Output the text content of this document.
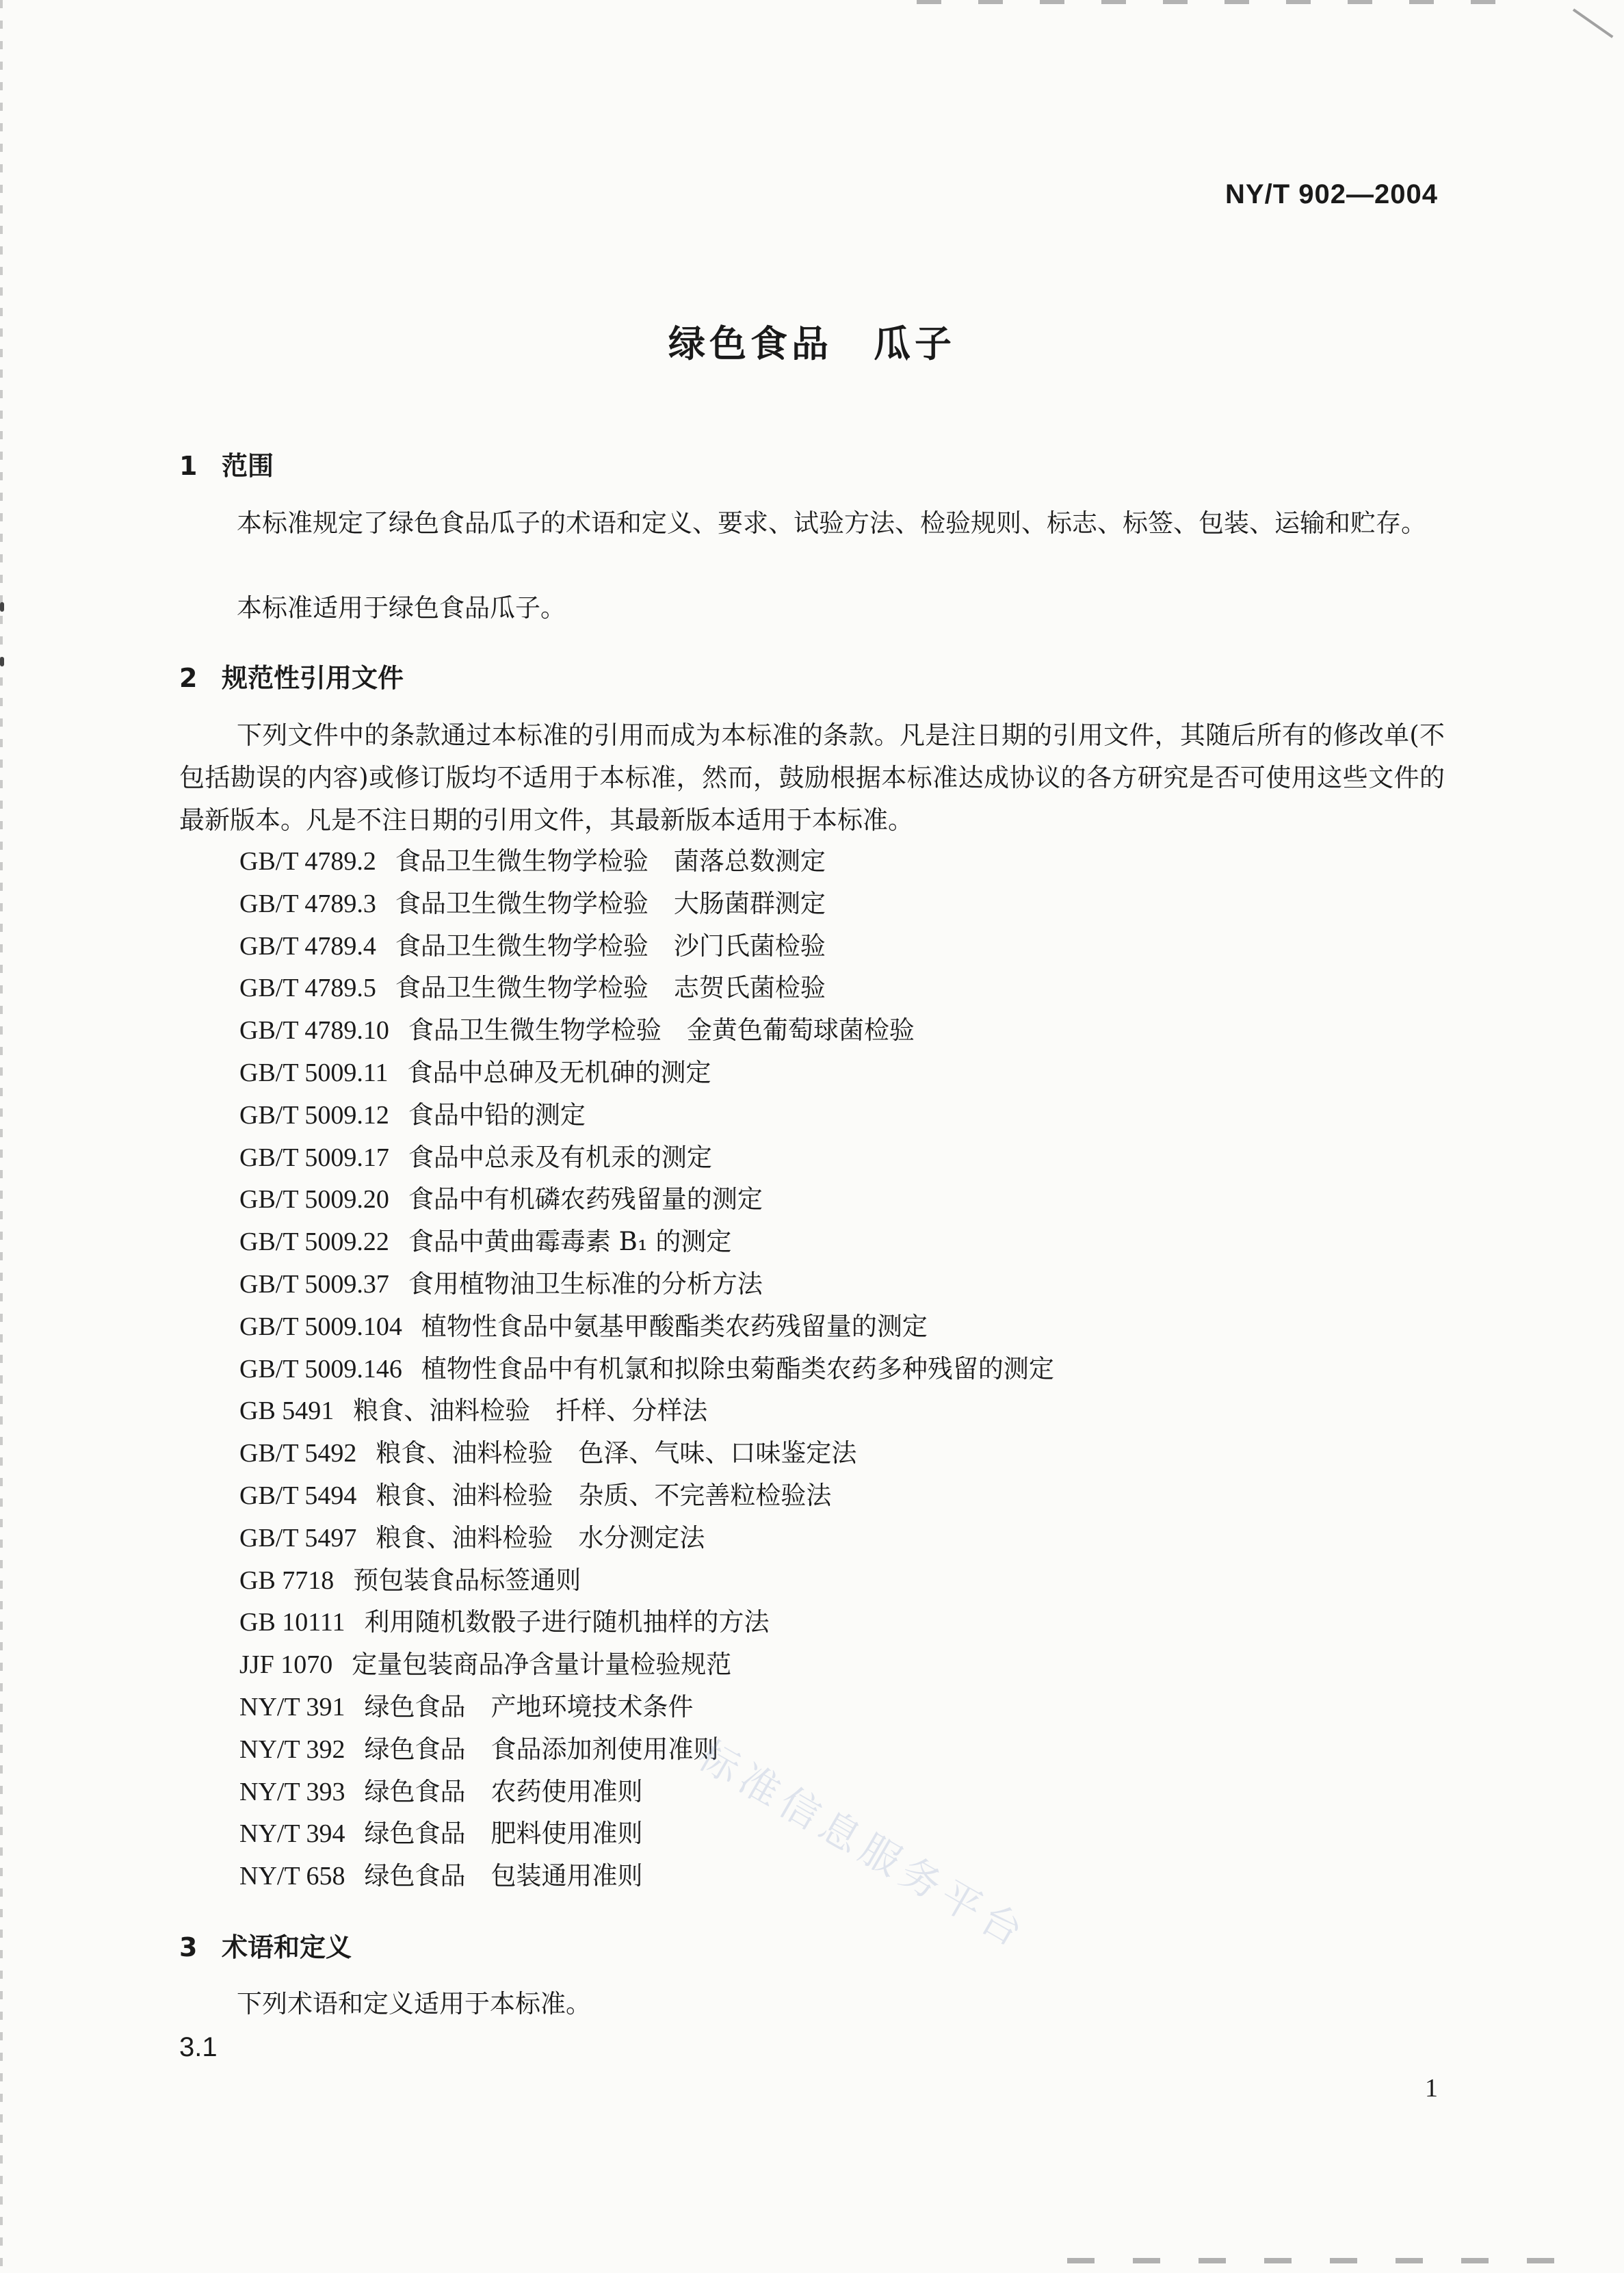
NY/T 902—2004
绿色食品　瓜子
1 范围
本标准规定了绿色食品瓜子的术语和定义、要求、试验方法、检验规则、标志、标签、包装、运输和贮存。
本标准适用于绿色食品瓜子。
2 规范性引用文件
下列文件中的条款通过本标准的引用而成为本标准的条款。凡是注日期的引用文件，其随后所有的修改单(不包括勘误的内容)或修订版均不适用于本标准，然而，鼓励根据本标准达成协议的各方研究是否可使用这些文件的最新版本。凡是不注日期的引用文件，其最新版本适用于本标准。
GB/T 4789.2 食品卫生微生物学检验　菌落总数测定
GB/T 4789.3 食品卫生微生物学检验　大肠菌群测定
GB/T 4789.4 食品卫生微生物学检验　沙门氏菌检验
GB/T 4789.5 食品卫生微生物学检验　志贺氏菌检验
GB/T 4789.10 食品卫生微生物学检验　金黄色葡萄球菌检验
GB/T 5009.11 食品中总砷及无机砷的测定
GB/T 5009.12 食品中铅的测定
GB/T 5009.17 食品中总汞及有机汞的测定
GB/T 5009.20 食品中有机磷农药残留量的测定
GB/T 5009.22 食品中黄曲霉毒素 B₁ 的测定
GB/T 5009.37 食用植物油卫生标准的分析方法
GB/T 5009.104 植物性食品中氨基甲酸酯类农药残留量的测定
GB/T 5009.146 植物性食品中有机氯和拟除虫菊酯类农药多种残留的测定
GB 5491 粮食、油料检验　扦样、分样法
GB/T 5492 粮食、油料检验　色泽、气味、口味鉴定法
GB/T 5494 粮食、油料检验　杂质、不完善粒检验法
GB/T 5497 粮食、油料检验　水分测定法
GB 7718 预包装食品标签通则
GB 10111 利用随机数骰子进行随机抽样的方法
JJF 1070 定量包装商品净含量计量检验规范
NY/T 391 绿色食品　产地环境技术条件
NY/T 392 绿色食品　食品添加剂使用准则
NY/T 393 绿色食品　农药使用准则
NY/T 394 绿色食品　肥料使用准则
NY/T 658 绿色食品　包装通用准则
3 术语和定义
下列术语和定义适用于本标准。
3.1
1
标准信息服务平台
